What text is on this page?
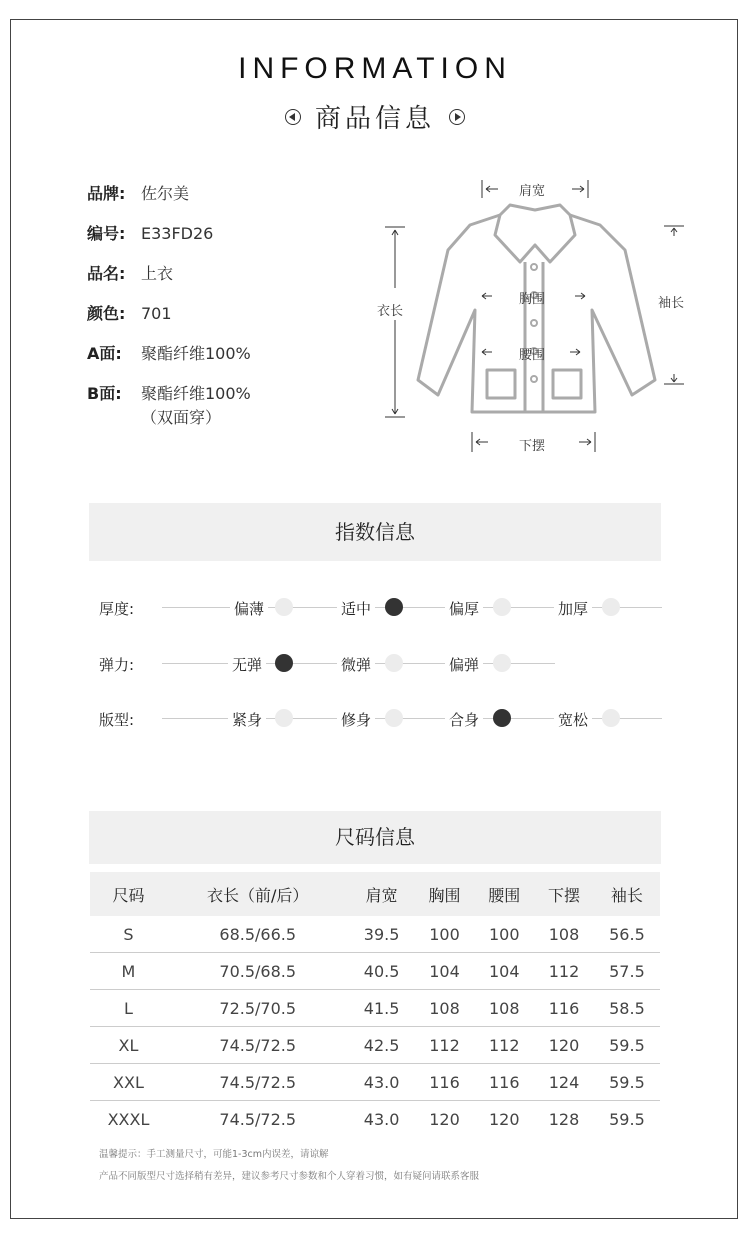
INFORMATION
商品信息
品牌: 佐尔美
编号: E33FD26
品名: 上衣
颜色: 701
A面:	聚酯纤维100%
B面:	聚酯纤维100%
（双面穿）
肩宽
衣长
胸围
腰围
下摆
袖长
指数信息
厚度:	偏薄	适中	偏厚	加厚
弹力:	无弹	微弹	偏弹
版型:	紧身	修身	合身	宽松
尺码信息
尺码	衣长（前/后）	肩宽	胸围	腰围	下摆	袖长
S	68.5/66.5	39.5	100	100	108	56.5
M	70.5/68.5	40.5	104	104	112	57.5
L	72.5/70.5	41.5	108	108	116	58.5
XL	74.5/72.5	42.5	112	112	120	59.5
XXL	74.5/72.5	43.0	116	116	124	59.5
XXXL	74.5/72.5	43.0	120	120	128	59.5
温馨提示：手工测量尺寸，可能1-3cm内误差，请谅解
产品不同版型尺寸选择稍有差异，建议参考尺寸参数和个人穿着习惯，如有疑问请联系客服
